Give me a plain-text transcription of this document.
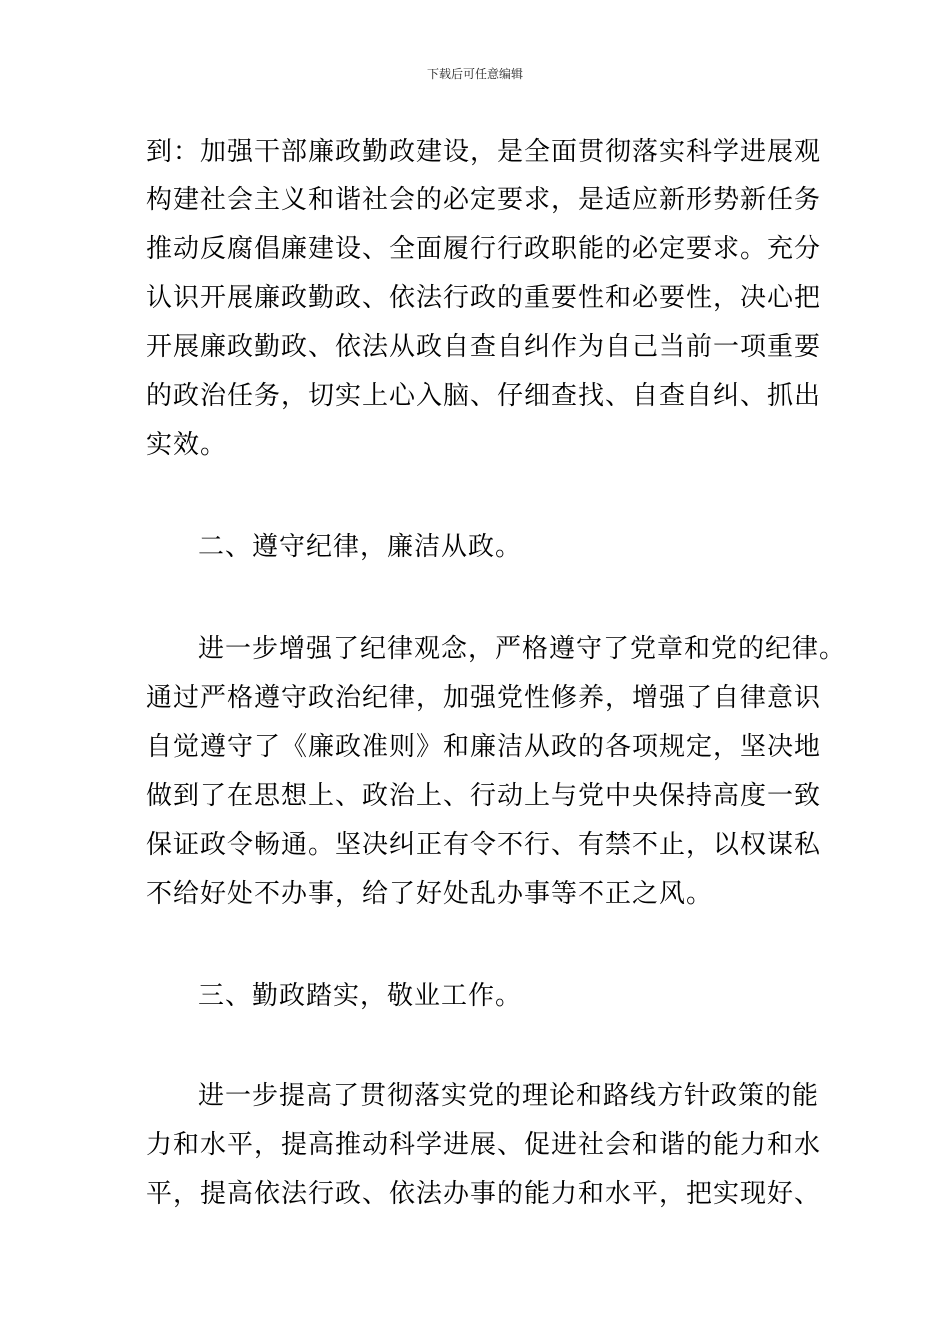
下载后可任意编辑
到：加强干部廉政勤政建设，是全面贯彻落实科学进展观
构建社会主义和谐社会的必定要求，是适应新形势新任务
推动反腐倡廉建设、全面履行行政职能的必定要求。充分
认识开展廉政勤政、依法行政的重要性和必要性，决心把
开展廉政勤政、依法从政自查自纠作为自己当前一项重要
的政治任务，切实上心入脑、仔细查找、自查自纠、抓出
实效。
二、遵守纪律，廉洁从政。
进一步增强了纪律观念，严格遵守了党章和党的纪律。
通过严格遵守政治纪律，加强党性修养，增强了自律意识
自觉遵守了《廉政准则》和廉洁从政的各项规定，坚决地
做到了在思想上、政治上、行动上与党中央保持高度一致
保证政令畅通。坚决纠正有令不行、有禁不止，以权谋私
不给好处不办事，给了好处乱办事等不正之风。
三、勤政踏实，敬业工作。
进一步提高了贯彻落实党的理论和路线方针政策的能
力和水平，提高推动科学进展、促进社会和谐的能力和水
平，提高依法行政、依法办事的能力和水平，把实现好、
